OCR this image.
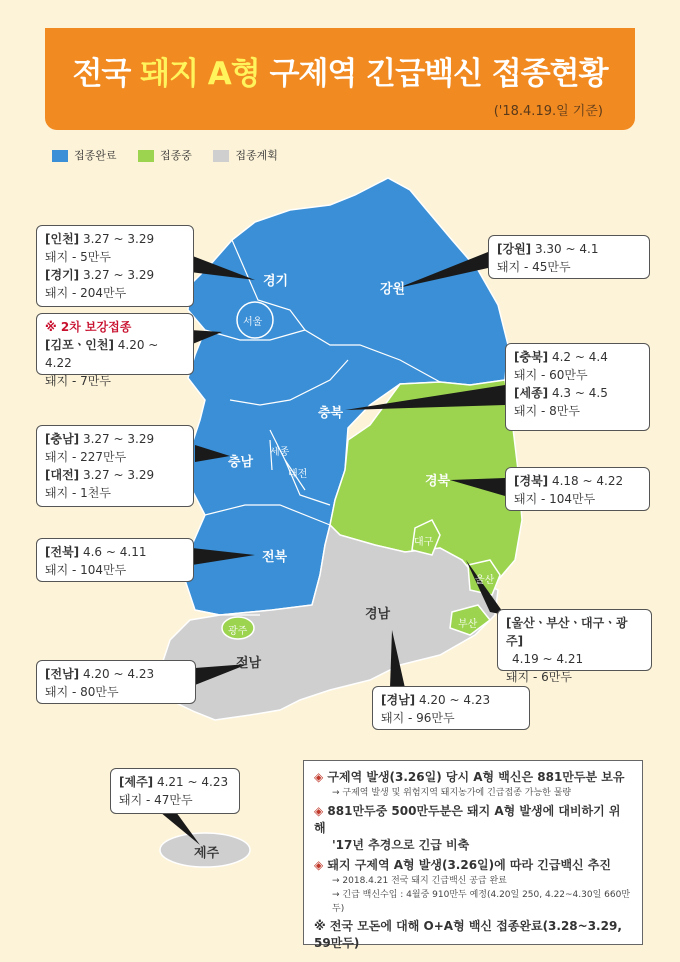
전국 돼지 A형 구제역 긴급백신 접종현황
('18.4.19.일 기준)
접종완료	접종중	접종계획
경기
서울
강원
충북
충남
세종
대전	경북
대구
울산
부산
전북
광주
전남
경남
제주
[인천] 3.27 ~ 3.29
돼지 - 5만두
[경기] 3.27 ~ 3.29
돼지 - 204만두
※ 2차 보강접종
[김포ㆍ인천] 4.20 ~ 4.22
돼지 - 7만두
[충남] 3.27 ~ 3.29
돼지 - 227만두
[대전] 3.27 ~ 3.29
돼지 - 1천두
[전북] 4.6 ~ 4.11
돼지 - 104만두
[전남] 4.20 ~ 4.23
돼지 - 80만두
[강원] 3.30 ~ 4.1
돼지 - 45만두
[충북] 4.2 ~ 4.4
돼지 - 60만두
[세종] 4.3 ~ 4.5
돼지 - 8만두
[경북] 4.18 ~ 4.22
돼지 - 104만두
[울산ㆍ부산ㆍ대구ㆍ광주]
4.19 ~ 4.21
돼지 - 6만두
[경남] 4.20 ~ 4.23
돼지 - 96만두
[제주] 4.21 ~ 4.23
돼지 - 47만두
◈ 구제역 발생(3.26일) 당시 A형 백신은 881만두분 보유
→ 구제역 발생 및 위험지역 돼지농가에 긴급접종 가능한 물량
◈ 881만두중 500만두분은 돼지 A형 발생에 대비하기 위해
'17년 추경으로 긴급 비축
◈ 돼지 구제역 A형 발생(3.26일)에 따라 긴급백신 추진
→ 2018.4.21 전국 돼지 긴급백신 공급 완료
→ 긴급 백신수입 : 4월중 910만두 예정(4.20일 250, 4.22~4.30일 660만두)
※ 전국 모돈에 대해 O+A형 백신 접종완료(3.28~3.29, 59만두)
